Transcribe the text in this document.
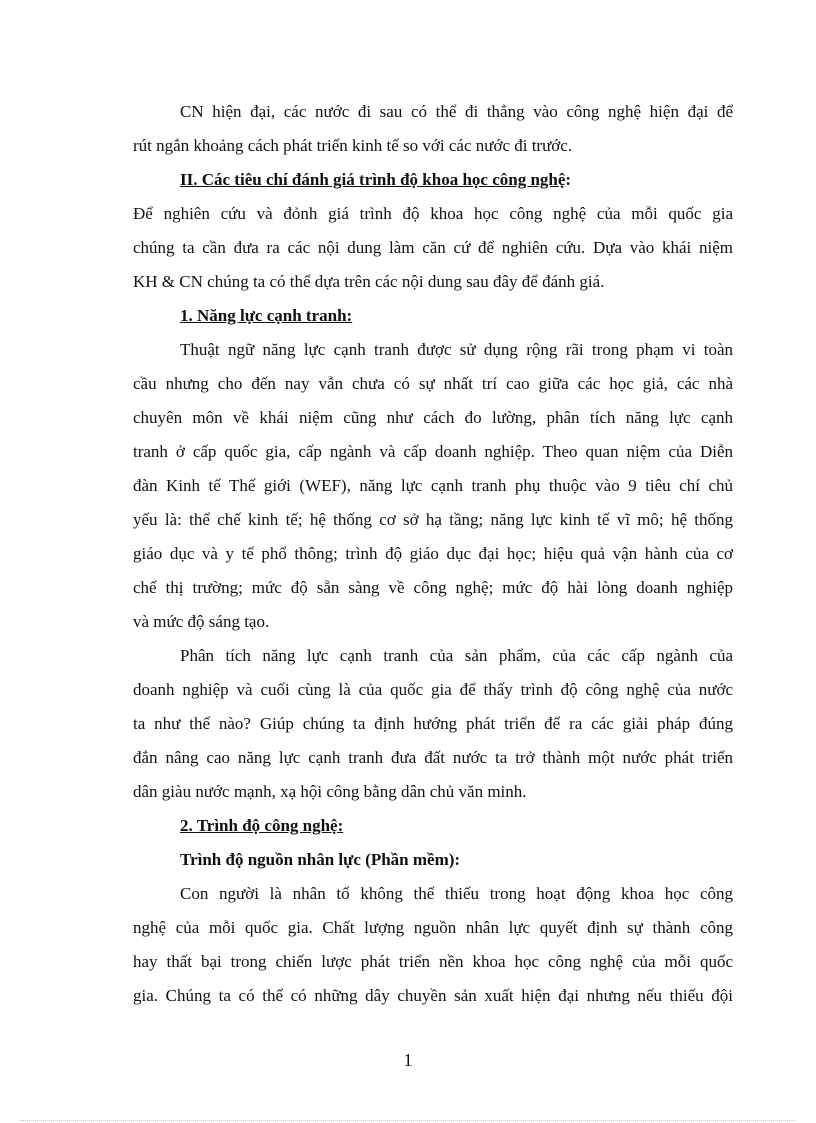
CN hiện đại, các nước đi sau có thể đi thẳng vào công nghệ hiện đại để
rút ngắn khoảng cách phát triển kinh tế so với các nước đi trước.
II. Các tiêu chí đánh giá trình độ khoa học công nghệ:
Để nghiên cứu và đỏnh giá trình độ khoa học công nghệ của mỗi quốc gia
chúng ta cần đưa ra các nội dung làm căn cứ để nghiên cứu. Dựa vào khái niệm
KH & CN chúng ta có thể dựa trên các nội dung sau đây để đánh giá.
1. Năng lực cạnh tranh:
Thuật ngữ năng lực cạnh tranh được sử dụng rộng rãi trong phạm vi toàn
cầu nhưng cho đến nay vẫn chưa có sự nhất trí cao giữa các học giả, các nhà
chuyên môn về khái niệm cũng như cách đo lường, phân tích năng lực cạnh
tranh ở cấp quốc gia, cấp ngành và cấp doanh nghiệp. Theo quan niệm của Diễn
đàn Kinh tế Thế giới (WEF), năng lực cạnh tranh phụ thuộc vào 9 tiêu chí chủ
yếu là: thể chế kinh tế; hệ thống cơ sở hạ tầng; năng lực kinh tế vĩ mô; hệ thống
giáo dục và y tế phổ thông; trình độ giáo dục đại học; hiệu quả vận hành của cơ
chế thị trường; mức độ sẵn sàng về công nghệ; mức độ hài lòng doanh nghiệp
và mức độ sáng tạo.
Phân tích năng lực cạnh tranh của sản phẩm, của các cấp ngành của
doanh nghiệp và cuối cùng là của quốc gia để thấy trình độ công nghệ của nước
ta như thế nào? Giúp chúng ta định hướng phát triển để ra các giải pháp đúng
đắn nâng cao năng lực cạnh tranh đưa đất nước ta trở thành một nước phát triển
dân giàu nước mạnh, xạ hội công bằng dân chủ văn minh.
2. Trình độ công nghệ:
Trình độ nguồn nhân lực (Phần mềm):
Con người là nhân tố không thể thiếu trong hoạt động khoa học công
nghệ của mỗi quốc gia. Chất lượng nguồn nhân lực quyết định sự thành công
hay thất bại trong chiến lược phát triển nền khoa học công nghệ của mỗi quốc
gia. Chúng ta có thể có những dây chuyền sản xuất hiện đại nhưng nếu thiếu đội
1
